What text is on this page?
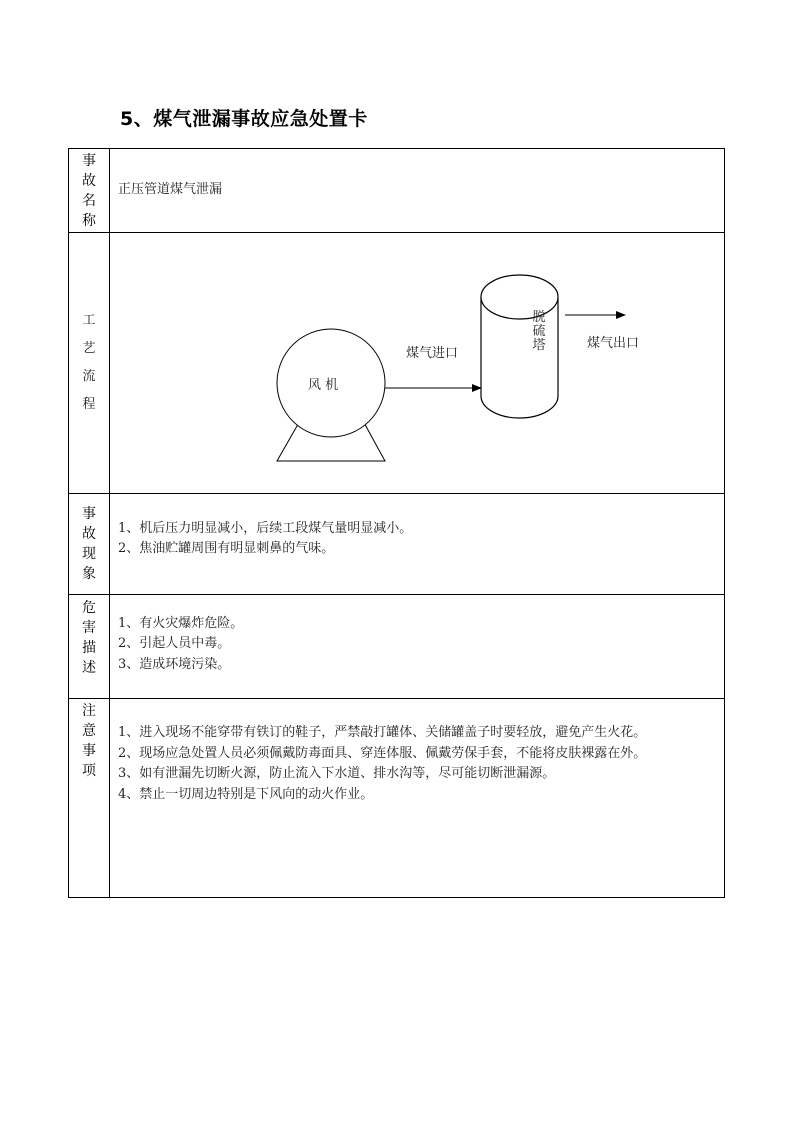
5、煤气泄漏事故应急处置卡
事
故
名
称	正压管道煤气泄漏

工
艺
流
程

风 机
煤气进口
脱
硫
塔	煤气出口

事
故
现
象	1、机后压力明显减小，后续工段煤气量明显减小。
2、焦油贮罐周围有明显刺鼻的气味。

危
害
描
述	1、有火灾爆炸危险。
2、引起人员中毒。
3、造成环境污染。

注
意
事
项	1、进入现场不能穿带有铁订的鞋子，严禁敲打罐体、关储罐盖子时要轻放，避免产生火花。
2、现场应急处置人员必须佩戴防毒面具、穿连体服、佩戴劳保手套，不能将皮肤裸露在外。
3、如有泄漏先切断火源，防止流入下水道、排水沟等，尽可能切断泄漏源。
4、禁止一切周边特别是下风向的动火作业。
